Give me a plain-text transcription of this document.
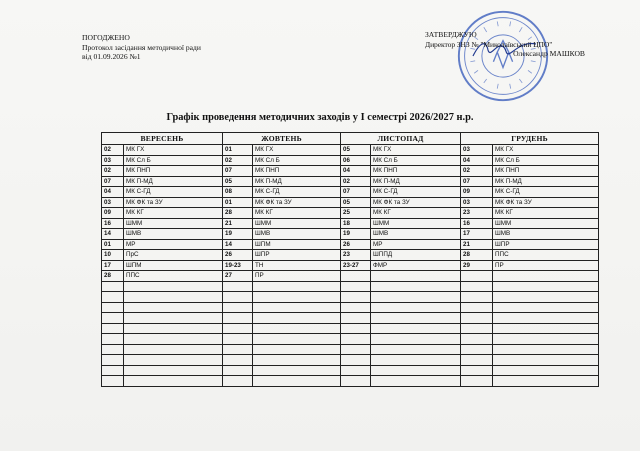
ПОГОДЖЕНО
Протокол засідання методичної ради
від 01.09.2026 №1
ЗАТВЕРДЖУЮ
Директор ЗНЗ № "Миколаївський ЦПО"
Олександр МАШКОВ
Графік проведення методичних заходів у І семестрі 2026/2027 н.р.
ВЕРЕСЕНЬ		ЖОВТЕНЬ		ЛИСТОПАД		ГРУДЕНЬ	
02	МК ГХ	01	МК ГХ	05	МК ГХ	03	МК ГХ
03	МК Сл Б	02	МК Сл Б	06	МК Сл Б	04	МК Сл Б
02	МК ПНП	07	МК ПНП	04	МК ПНП	02	МК ПНП
07	МК П-МД	05	МК П-МД	02	МК П-МД	07	МК П-МД
04	МК С-ГД	08	МК С-ГД	07	МК С-ГД	09	МК С-ГД
03	МК ФК та ЗУ	01	МК ФК та ЗУ	05	МК ФК та ЗУ	03	МК ФК та ЗУ
09	МК КГ	28	МК КГ	25	МК КГ	23	МК КГ
16	ШММ	21	ШММ	18	ШММ	16	ШММ
14	ШМВ	19	ШМВ	19	ШМВ	17	ШМВ
01	МР	14	ШПМ	26	МР	21	ШПР
10	ПрС	26	ШПР	23	ШППД	28	ППС
17	ШПМ	19-23	ТН	23-27	ФМР	29	ПР
28	ППС	27	ПР				
